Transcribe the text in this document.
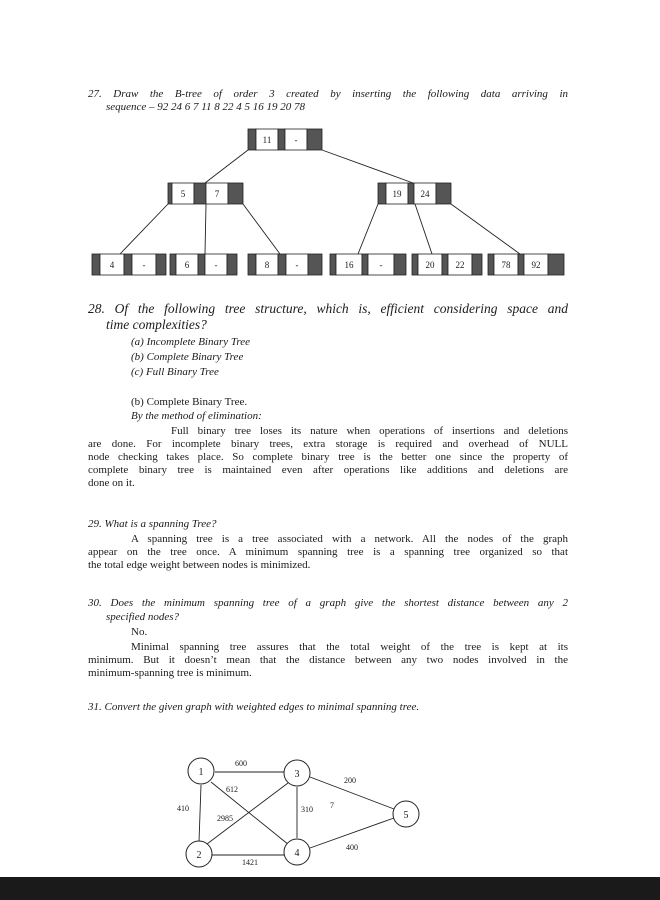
27. Draw the B-tree of order 3 created by inserting the following data arriving in
sequence – 92 24 6 7 11 8 22 4 5 16 19 20 78
11	-
5	7	19 24
4	-	6	-	8	-	16	-	20 22	78 92
28. Of the following tree structure, which is, efficient considering space and
time complexities?
(a) Incomplete Binary Tree
(b) Complete Binary Tree
(c) Full Binary Tree
(b) Complete Binary Tree.
By the method of elimination:
Full binary tree loses its nature when operations of insertions and deletions
are done. For incomplete binary trees, extra storage is required and overhead of NULL
node checking takes place. So complete binary tree is the better one since the property of
complete binary tree is maintained even after operations like additions and deletions are
done on it.
29. What is a spanning Tree?
A spanning tree is a tree associated with a network. All the nodes of the graph
appear on the tree once. A minimum spanning tree is a spanning tree organized so that
the total edge weight between nodes is minimized.
30. Does the minimum spanning tree of a graph give the shortest distance between any 2
specified nodes?
No.
Minimal spanning tree assures that the total weight of the tree is kept at its
minimum. But it doesn’t mean that the distance between any two nodes involved in the
minimum-spanning tree is minimum.
31. Convert the given graph with weighted edges to minimal spanning tree.
1
2
3
4
5
600
612
410
2985
310
200
400
1421
7
